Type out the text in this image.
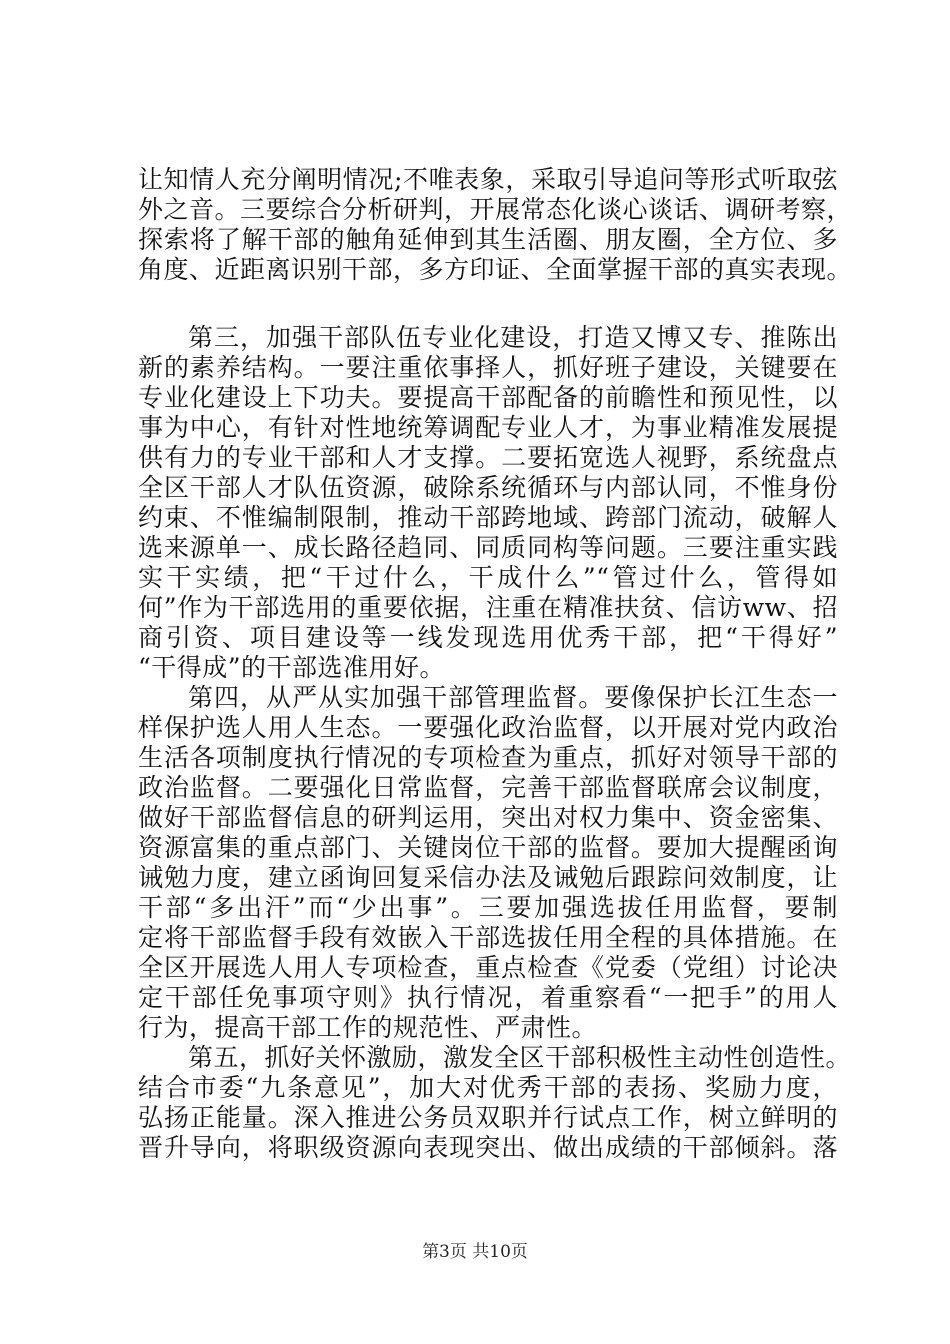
让知情人充分阐明情况;不唯表象，采取引导追问等形式听取弦
外之音。三要综合分析研判，开展常态化谈心谈话、调研考察，
探索将了解干部的触角延伸到其生活圈、朋友圈，全方位、多
角度、近距离识别干部，多方印证、全面掌握干部的真实表现。
第三，加强干部队伍专业化建设，打造又博又专、推陈出
新的素养结构。一要注重依事择人，抓好班子建设，关键要在
专业化建设上下功夫。要提高干部配备的前瞻性和预见性，以
事为中心，有针对性地统筹调配专业人才，为事业精准发展提
供有力的专业干部和人才支撑。二要拓宽选人视野，系统盘点
全区干部人才队伍资源，破除系统循环与内部认同，不惟身份
约束、不惟编制限制，推动干部跨地域、跨部门流动，破解人
选来源单一、成长路径趋同、同质同构等问题。三要注重实践
实干实绩，把“干过什么，干成什么”“管过什么，管得如
何”作为干部选用的重要依据，注重在精准扶贫、信访ww、招
商引资、项目建设等一线发现选用优秀干部，把“干得好”
“干得成”的干部选准用好。
第四，从严从实加强干部管理监督。要像保护长江生态一
样保护选人用人生态。一要强化政治监督，以开展对党内政治
生活各项制度执行情况的专项检查为重点，抓好对领导干部的
政治监督。二要强化日常监督，完善干部监督联席会议制度，
做好干部监督信息的研判运用，突出对权力集中、资金密集、
资源富集的重点部门、关键岗位干部的监督。要加大提醒函询
诫勉力度，建立函询回复采信办法及诫勉后跟踪问效制度，让
干部“多出汗”而“少出事”。三要加强选拔任用监督，要制
定将干部监督手段有效嵌入干部选拔任用全程的具体措施。在
全区开展选人用人专项检查，重点检查《党委（党组）讨论决
定干部任免事项守则》执行情况，着重察看“一把手”的用人
行为，提高干部工作的规范性、严肃性。
第五，抓好关怀激励，激发全区干部积极性主动性创造性。
结合市委“九条意见”，加大对优秀干部的表扬、奖励力度，
弘扬正能量。深入推进公务员双职并行试点工作，树立鲜明的
晋升导向，将职级资源向表现突出、做出成绩的干部倾斜。落
第3页 共10页
